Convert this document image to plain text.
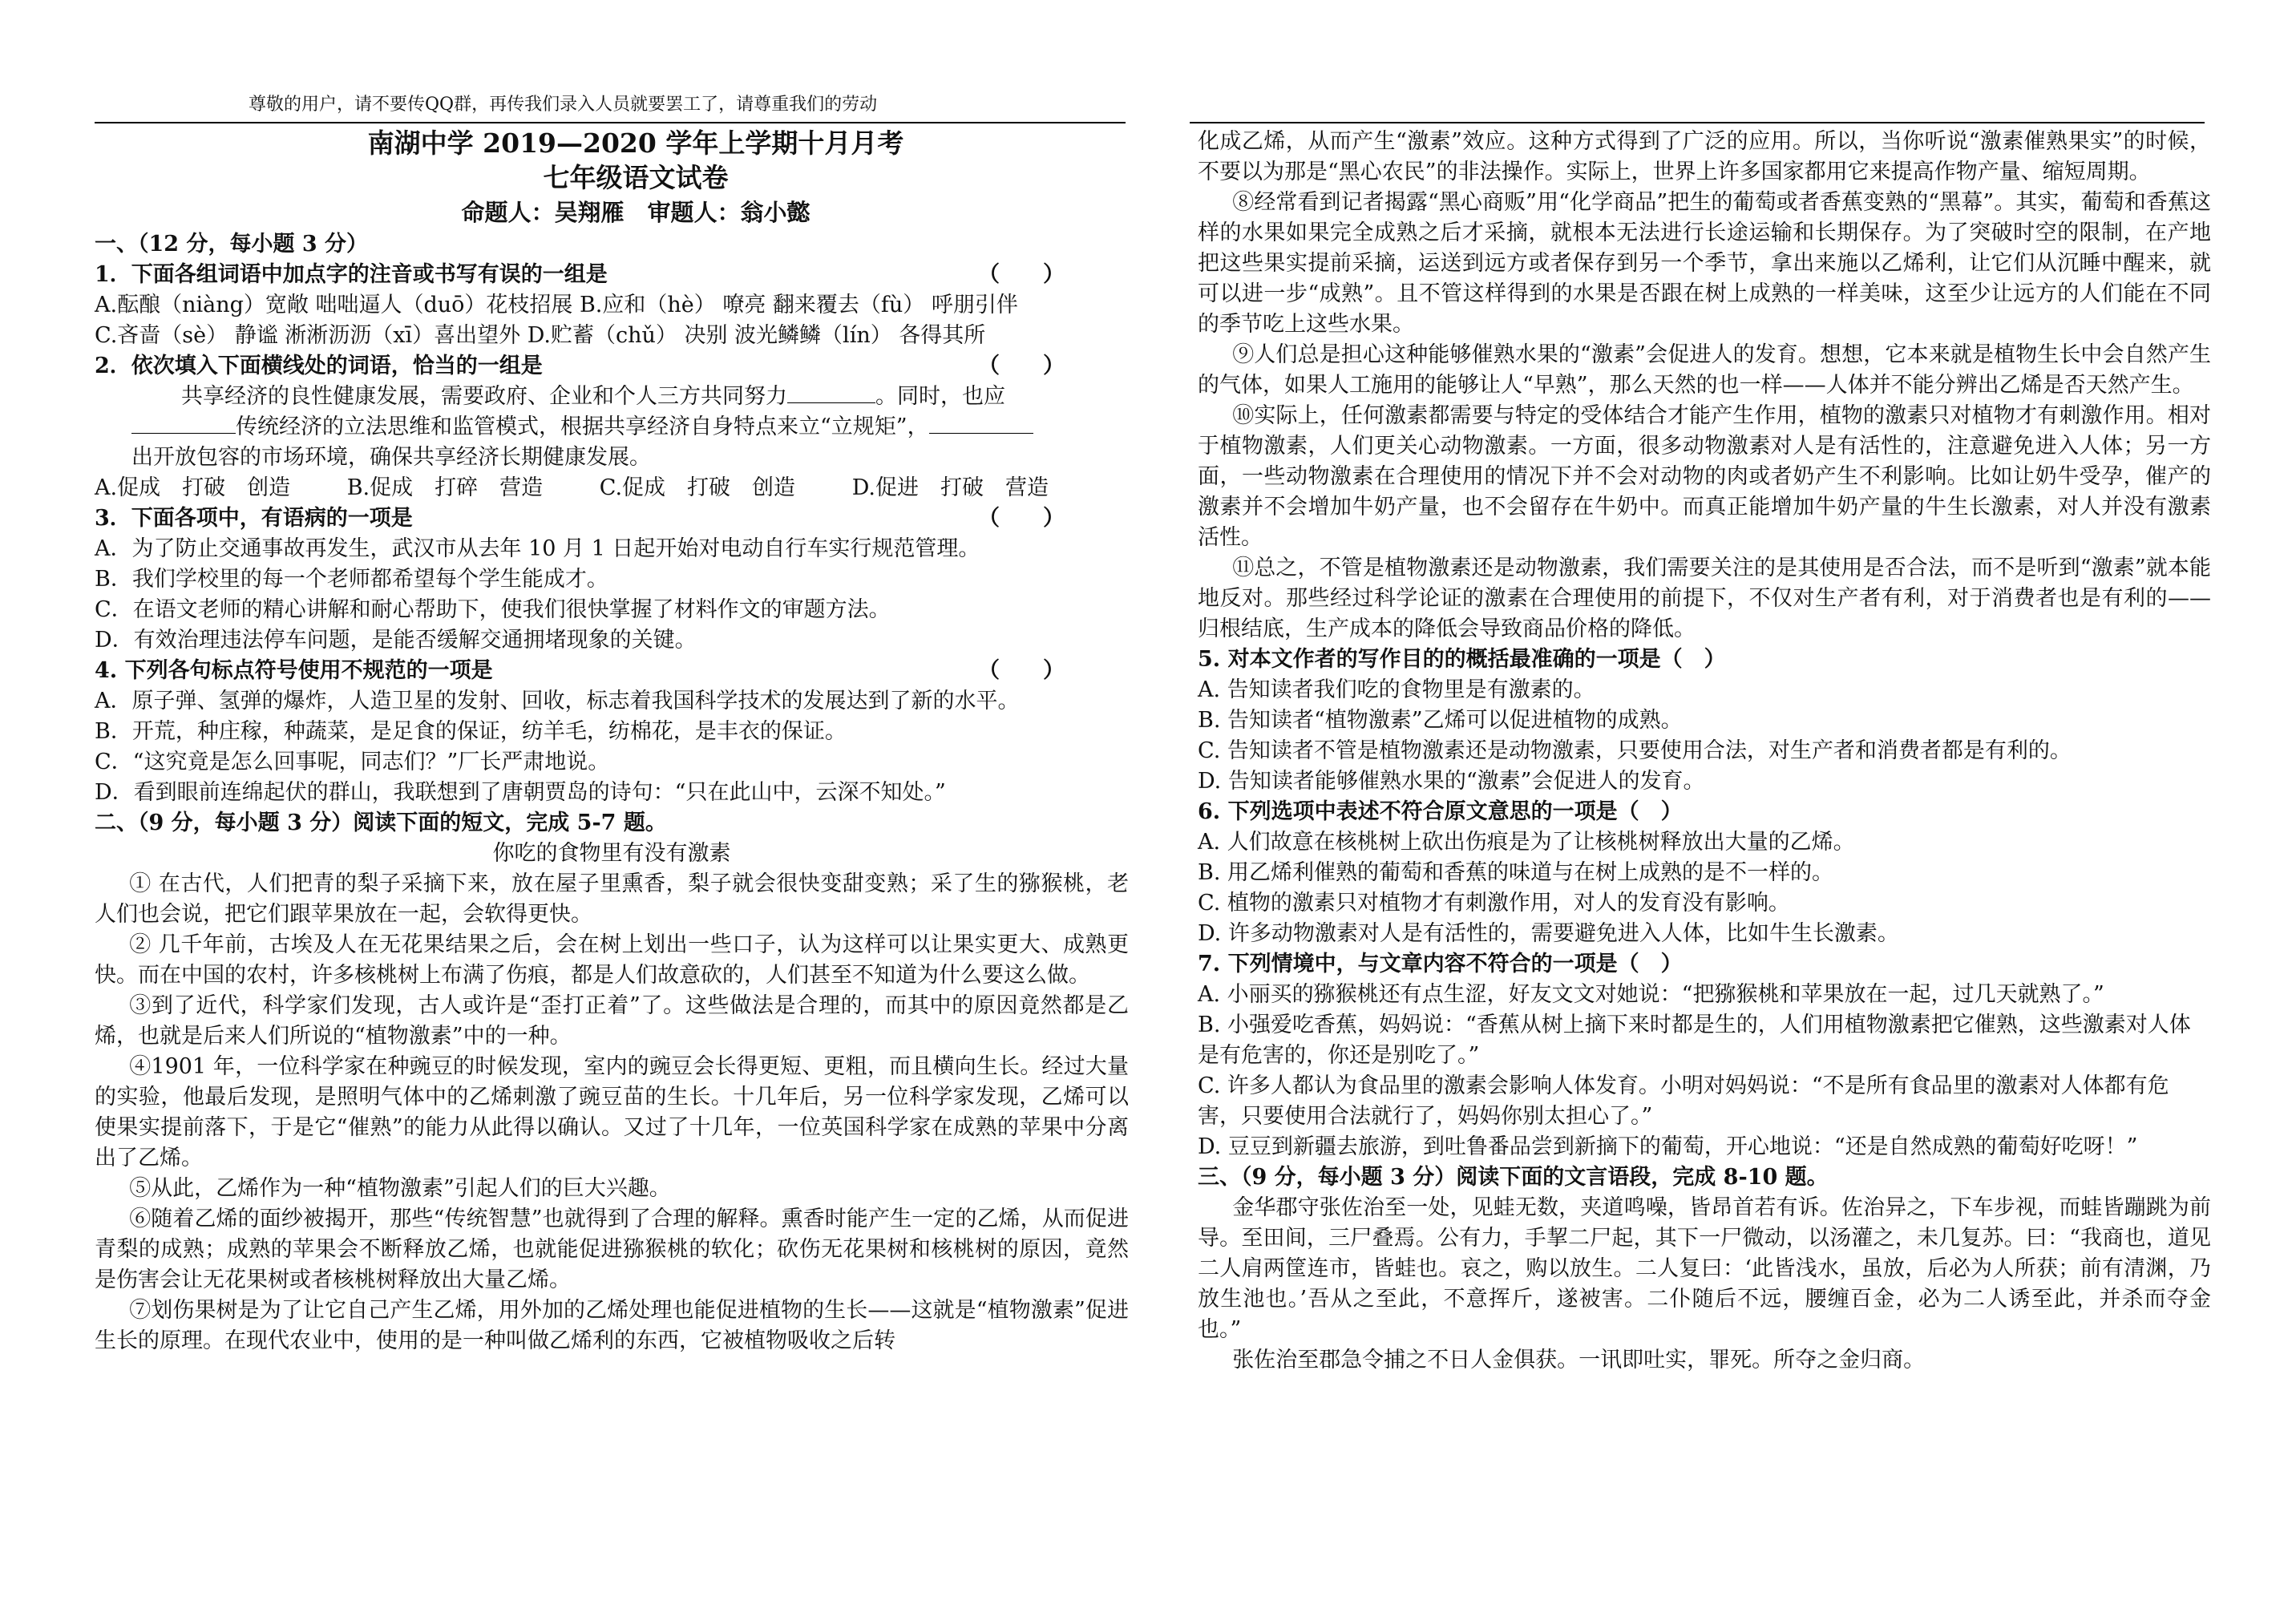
尊敬的用户，请不要传QQ群，再传我们录入人员就要罢工了，请尊重我们的劳动
南湖中学 2019—2020 学年上学期十月月考
七年级语文试卷
命题人：吴翔雁　审题人：翁小懿

一、（12 分，每小题 3 分）

1．下面各组词语中加点字的注音或书写有误的一组是	（　　）

A.酝酿（niàng）宽敞 咄咄逼人（duō）花枝招展 B.应和（hè） 嘹亮 翻来覆去（fù） 呼朋引伴

C.吝啬（sè） 静谧 淅淅沥沥（xī）喜出望外 D.贮蓄（chǔ） 决别 波光鳞鳞（lín） 各得其所

2．依次填入下面横线处的词语，恰当的一组是	（　　）

共享经济的良性健康发展，需要政府、企业和个人三方共同努力	。同时，也应

传统经济的立法思维和监管模式，根据共享经济自身特点来立“立规矩”，

出开放包容的市场环境，确保共享经济长期健康发展。

A.促成　打破　创造	B.促成　打碎　营造	C.促成　打破　创造	D.促进　打破　营造
3．下面各项中，有语病的一项是	（　　）

A．为了防止交通事故再发生，武汉市从去年 10 月 1 日起开始对电动自行车实行规范管理。

B．我们学校里的每一个老师都希望每个学生能成才。

C．在语文老师的精心讲解和耐心帮助下，使我们很快掌握了材料作文的审题方法。

D．有效治理违法停车问题，是能否缓解交通拥堵现象的关键。

4. 下列各句标点符号使用不规范的一项是	（　　）

A．原子弹、氢弹的爆炸，人造卫星的发射、回收，标志着我国科学技术的发展达到了新的水平。

B．开荒，种庄稼，种蔬菜，是足食的保证，纺羊毛，纺棉花，是丰衣的保证。

C．“这究竟是怎么回事呢，同志们？”厂长严肃地说。

D．看到眼前连绵起伏的群山，我联想到了唐朝贾岛的诗句：“只在此山中，云深不知处。”

二、（9 分，每小题 3 分）阅读下面的短文，完成 5-7 题。

你吃的食物里有没有激素

① 在古代，人们把青的梨子采摘下来，放在屋子里熏香，梨子就会很快变甜变熟；采了生的猕猴桃，老人们也会说，把它们跟苹果放在一起，会软得更快。

② 几千年前，古埃及人在无花果结果之后，会在树上划出一些口子，认为这样可以让果实更大、成熟更快。而在中国的农村，许多核桃树上布满了伤痕，都是人们故意砍的，人们甚至不知道为什么要这么做。

③到了近代，科学家们发现，古人或许是“歪打正着”了。这些做法是合理的，而其中的原因竟然都是乙烯，也就是后来人们所说的“植物激素”中的一种。

④1901 年，一位科学家在种豌豆的时候发现，室内的豌豆会长得更短、更粗，而且横向生长。经过大量的实验，他最后发现，是照明气体中的乙烯刺激了豌豆苗的生长。十几年后，另一位科学家发现，乙烯可以使果实提前落下，于是它“催熟”的能力从此得以确认。又过了十几年，一位英国科学家在成熟的苹果中分离出了乙烯。

⑤从此，乙烯作为一种“植物激素”引起人们的巨大兴趣。

⑥随着乙烯的面纱被揭开，那些“传统智慧”也就得到了合理的解释。熏香时能产生一定的乙烯，从而促进青梨的成熟；成熟的苹果会不断释放乙烯，也就能促进猕猴桃的软化；砍伤无花果树和核桃树的原因，竟然是伤害会让无花果树或者核桃树释放出大量乙烯。

⑦划伤果树是为了让它自己产生乙烯，用外加的乙烯处理也能促进植物的生长——这就是“植物激素”促进生长的原理。在现代农业中，使用的是一种叫做乙烯利的东西，它被植物吸收之后转

化成乙烯，从而产生“激素”效应。这种方式得到了广泛的应用。所以，当你听说“激素催熟果实”的时候，不要以为那是“黑心农民”的非法操作。实际上，世界上许多国家都用它来提高作物产量、缩短周期。

⑧经常看到记者揭露“黑心商贩”用“化学商品”把生的葡萄或者香蕉变熟的“黑幕”。其实，葡萄和香蕉这样的水果如果完全成熟之后才采摘，就根本无法进行长途运输和长期保存。为了突破时空的限制，在产地把这些果实提前采摘，运送到远方或者保存到另一个季节，拿出来施以乙烯利，让它们从沉睡中醒来，就可以进一步“成熟”。且不管这样得到的水果是否跟在树上成熟的一样美味，这至少让远方的人们能在不同的季节吃上这些水果。

⑨人们总是担心这种能够催熟水果的“激素”会促进人的发育。想想，它本来就是植物生长中会自然产生的气体，如果人工施用的能够让人“早熟”，那么天然的也一样——人体并不能分辨出乙烯是否天然产生。

⑩实际上，任何激素都需要与特定的受体结合才能产生作用，植物的激素只对植物才有刺激作用。相对于植物激素，人们更关心动物激素。一方面，很多动物激素对人是有活性的，注意避免进入人体；另一方面，一些动物激素在合理使用的情况下并不会对动物的肉或者奶产生不利影响。比如让奶牛受孕，催产的激素并不会增加牛奶产量，也不会留存在牛奶中。而真正能增加牛奶产量的牛生长激素，对人并没有激素活性。

⑪总之，不管是植物激素还是动物激素，我们需要关注的是其使用是否合法，而不是听到“激素”就本能地反对。那些经过科学论证的激素在合理使用的前提下，不仅对生产者有利，对于消费者也是有利的——归根结底，生产成本的降低会导致商品价格的降低。

5. 对本文作者的写作目的的概括最准确的一项是（　）

A. 告知读者我们吃的食物里是有激素的。

B. 告知读者“植物激素”乙烯可以促进植物的成熟。

C. 告知读者不管是植物激素还是动物激素，只要使用合法，对生产者和消费者都是有利的。

D. 告知读者能够催熟水果的“激素”会促进人的发育。

6. 下列选项中表述不符合原文意思的一项是（　）

A. 人们故意在核桃树上砍出伤痕是为了让核桃树释放出大量的乙烯。

B. 用乙烯利催熟的葡萄和香蕉的味道与在树上成熟的是不一样的。

C. 植物的激素只对植物才有刺激作用，对人的发育没有影响。

D. 许多动物激素对人是有活性的，需要避免进入人体，比如牛生长激素。

7. 下列情境中，与文章内容不符合的一项是（　）

A. 小丽买的猕猴桃还有点生涩，好友文文对她说：“把猕猴桃和苹果放在一起，过几天就熟了。”

B. 小强爱吃香蕉，妈妈说：“香蕉从树上摘下来时都是生的，人们用植物激素把它催熟，这些激素对人体是有危害的，你还是别吃了。”

C. 许多人都认为食品里的激素会影响人体发育。小明对妈妈说：“不是所有食品里的激素对人体都有危害，只要使用合法就行了，妈妈你别太担心了。”

D. 豆豆到新疆去旅游，到吐鲁番品尝到新摘下的葡萄，开心地说：“还是自然成熟的葡萄好吃呀！”

三、（9 分，每小题 3 分）阅读下面的文言语段，完成 8-10 题。

金华郡守张佐治至一处，见蛙无数，夹道鸣噪，皆昂首若有诉。佐治异之，下车步视，而蛙皆蹦跳为前导。至田间，三尸叠焉。公有力，手挈二尸起，其下一尸微动，以汤灌之，未几复苏。曰：“我商也，道见二人肩两筐连市，皆蛙也。哀之，购以放生。二人复曰：‘此皆浅水，虽放，后必为人所获；前有清渊，乃放生池也。’吾从之至此，不意挥斤，遂被害。二仆随后不远，腰缠百金，必为二人诱至此，并杀而夺金也。”

张佐治至郡急令捕之不日人金俱获。一讯即吐实，罪死。所夺之金归商。
